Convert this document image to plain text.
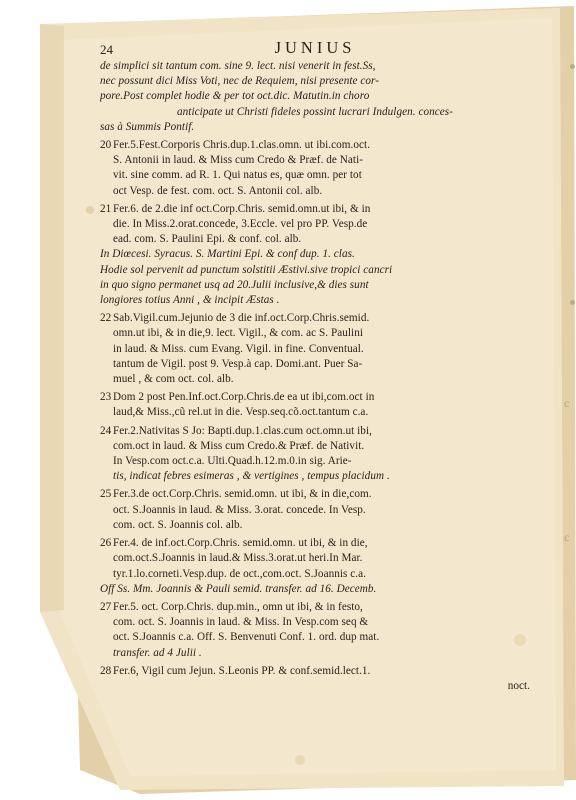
c
c
24	JUNIUS
de simplici sit tantum com. sine 9. lect. nisi venerit in fest.Ss,
nec possunt dici Miss Voti, nec de Requiem, nisi presente cor-
pore.Post complet hodie & per tot oct.dic. Matutin.in choro
anticipate ut Christi fideles possint lucrari Indulgen. conces-
sas à Summis Pontif.
20 Fer.5.Fest.Corporis Chris.dup.1.clas.omn. ut ibi.com.oct.
S. Antonii in laud. & Miss cum Credo & Præf. de Nati-
vit. sine comm. ad R. 1. Qui natus es, quæ omn. per tot
oct Vesp. de fest. com. oct. S. Antonii col. alb.
21 Fer.6. de 2.die inf oct.Corp.Chris. semid.omn.ut ibi, & in
die. In Miss.2.orat.concede, 3.Eccle. vel pro PP. Vesp.de
ead. com. S. Paulini Epi. & conf. col. alb.
In Diœcesi. Syracus. S. Martini Epi. & conf dup. 1. clas.
Hodie sol pervenit ad punctum solstitii Æstivi.sive tropici cancri
in quo signo permanet usq ad 20.Julii inclusive,& dies sunt
longiores totius Anni , & incipit Æstas .
22 Sab.Vigil.cum.Jejunio de 3 die inf.oct.Corp.Chris.semid.
omn.ut ibi, & in die,9. lect. Vigil., & com. ac S. Paulini
in laud. & Miss. cum Evang. Vigil. in fine. Conventual.
tantum de Vigil. post 9. Vesp.à cap. Domi.ant. Puer Sa-
muel , & com oct. col. alb.
23 Dom 2 post Pen.Inf.oct.Corp.Chris.de ea ut ibi,com.oct in
laud,& Miss.,cũ rel.ut in die. Vesp.seq.cõ.oct.tantum c.a.
24 Fer.2.Nativitas S Jo: Bapti.dup.1.clas.cum oct.omn.ut ibi,
com.oct in laud. & Miss cum Credo.& Præf. de Nativit.
In Vesp.com oct.c.a. Ulti.Quad.h.12.m.0.in sig. Arie-
tis, indicat febres esimeras , & vertigines , tempus placidum .
25 Fer.3.de oct.Corp.Chris. semid.omn. ut ibi, & in die,com.
oct. S.Joannis in laud. & Miss. 3.orat. concede. In Vesp.
com. oct. S. Joannis col. alb.
26 Fer.4. de inf.oct.Corp.Chris. semid.omn. ut ibi, & in die,
com.oct.S.Joannis in laud.& Miss.3.orat.ut heri.In Mar.
tyr.1.lo.corneti.Vesp.dup. de oct.,com.oct. S.Joannis c.a.
Off Ss. Mm. Joannis & Pauli semid. transfer. ad 16. Decemb.
27 Fer.5. oct. Corp.Chris. dup.min., omn ut ibi, & in festo,
com. oct. S. Joannis in laud. & Miss. In Vesp.com seq &
oct. S.Joannis c.a. Off. S. Benvenuti Conf. 1. ord. dup mat.
transfer. ad 4 Julii .
28 Fer.6, Vigil cum Jejun. S.Leonis PP. & conf.semid.lect.1.
noct.
